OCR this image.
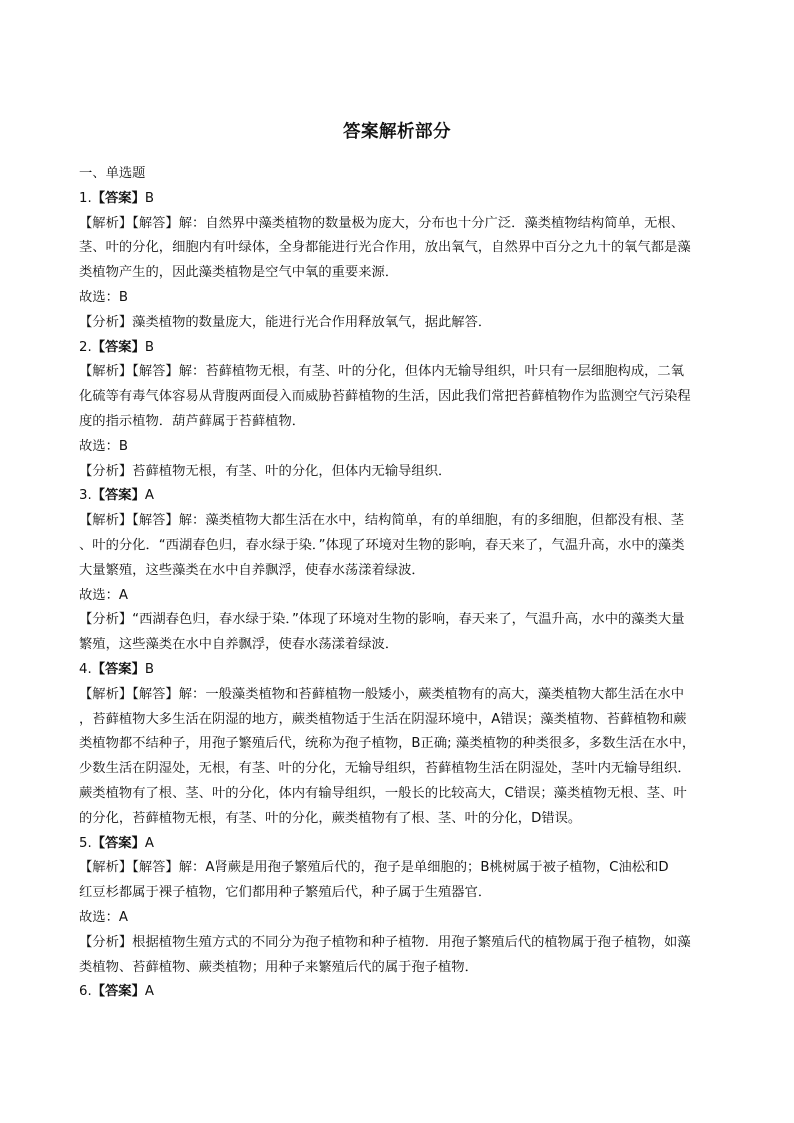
答案解析部分
一、单选题
1.【答案】B
【解析】【解答】解：自然界中藻类植物的数量极为庞大，分布也十分广泛．藻类植物结构简单，无根、
茎、叶的分化，细胞内有叶绿体，全身都能进行光合作用，放出氧气，自然界中百分之九十的氧气都是藻
类植物产生的，因此藻类植物是空气中氧的重要来源．
故选：B
【分析】藻类植物的数量庞大，能进行光合作用释放氧气，据此解答．
2.【答案】B
【解析】【解答】解：苔藓植物无根，有茎、叶的分化，但体内无输导组织，叶只有一层细胞构成，二氧
化硫等有毒气体容易从背腹两面侵入而威胁苔藓植物的生活，因此我们常把苔藓植物作为监测空气污染程
度的指示植物．葫芦藓属于苔藓植物．
故选：B
【分析】苔藓植物无根，有茎、叶的分化，但体内无输导组织．
3.【答案】A
【解析】【解答】解：藻类植物大都生活在水中，结构简单，有的单细胞，有的多细胞，但都没有根、茎
、叶的分化．“西湖春色归，春水绿于染．”体现了环境对生物的影响，春天来了，气温升高，水中的藻类
大量繁殖，这些藻类在水中自养飘浮，使春水荡漾着绿波．
故选：A
【分析】“西湖春色归，春水绿于染．”体现了环境对生物的影响，春天来了，气温升高，水中的藻类大量
繁殖，这些藻类在水中自养飘浮，使春水荡漾着绿波．
4.【答案】B
【解析】【解答】解：一般藻类植物和苔藓植物一般矮小，蕨类植物有的高大，藻类植物大都生活在水中
，苔藓植物大多生活在阴湿的地方，蕨类植物适于生活在阴湿环境中，A错误；藻类植物、苔藓植物和蕨
类植物都不结种子，用孢子繁殖后代，统称为孢子植物，B正确; 藻类植物的种类很多，多数生活在水中，
少数生活在阴湿处，无根，有茎、叶的分化，无输导组织，苔藓植物生活在阴湿处，茎叶内无输导组织．
蕨类植物有了根、茎、叶的分化，体内有输导组织，一般长的比较高大，C错误；藻类植物无根、茎、叶
的分化，苔藓植物无根，有茎、叶的分化，蕨类植物有了根、茎、叶的分化，D错误。
5.【答案】A
【解析】【解答】解：A肾蕨是用孢子繁殖后代的，孢子是单细胞的；B桃树属于被子植物，C油松和D
红豆杉都属于裸子植物，它们都用种子繁殖后代，种子属于生殖器官．
故选：A
【分析】根据植物生殖方式的不同分为孢子植物和种子植物．用孢子繁殖后代的植物属于孢子植物，如藻
类植物、苔藓植物、蕨类植物；用种子来繁殖后代的属于孢子植物．
6.【答案】A
